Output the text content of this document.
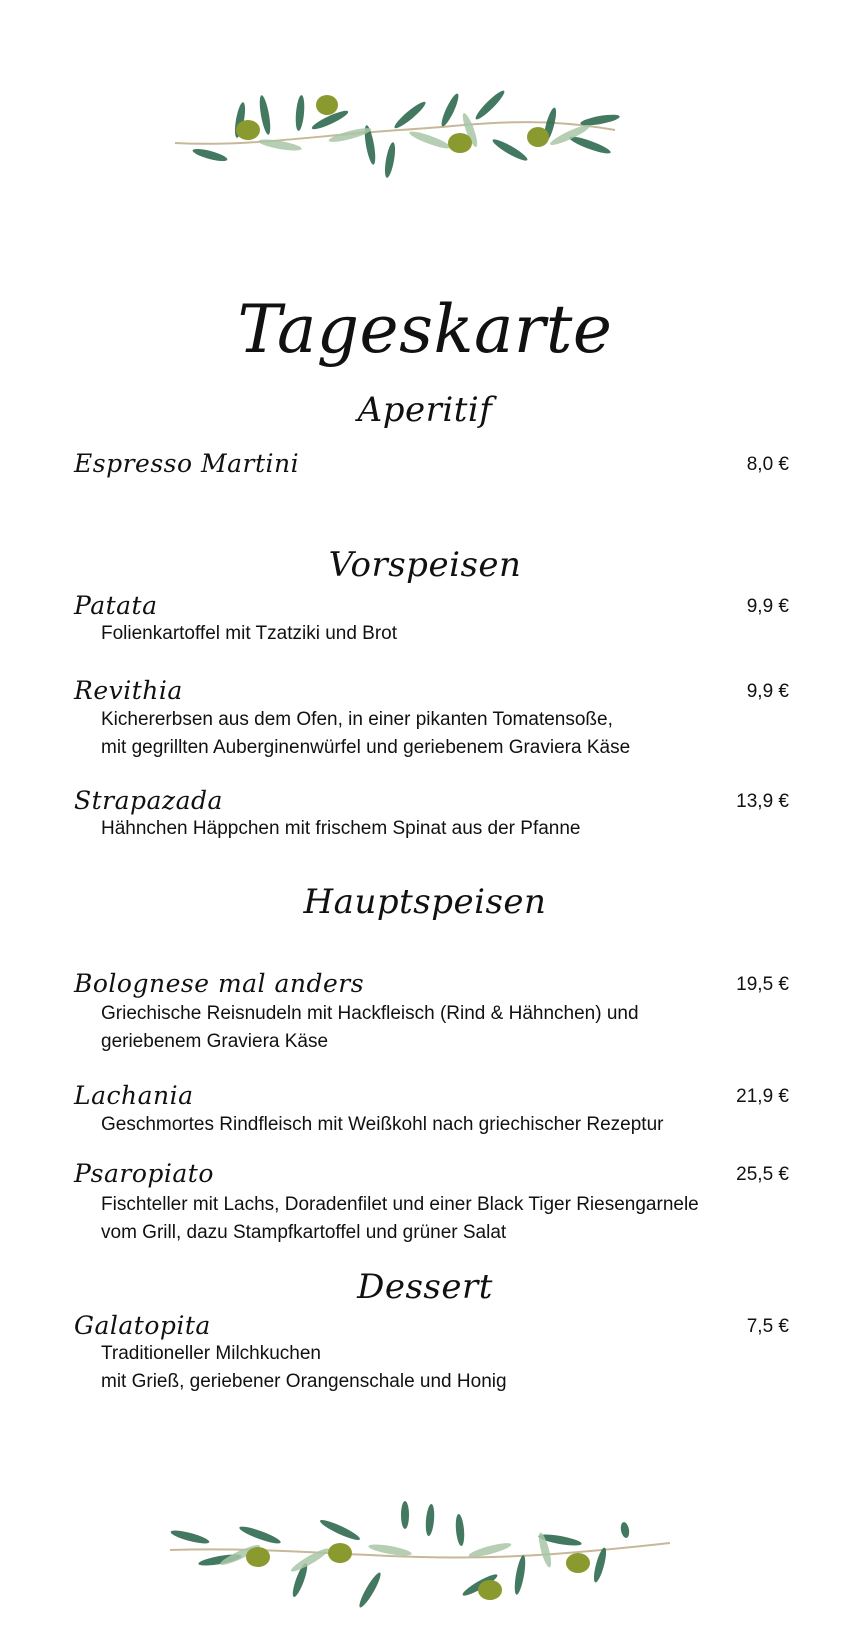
Tageskarte
Aperitif
Espresso Martini	8,0 €
Vorspeisen
Patata	9,9 €
Folienkartoffel mit Tzatziki und Brot
Revithia	9,9 €
Kichererbsen aus dem Ofen, in einer pikanten Tomatensoße,
mit gegrillten Auberginenwürfel und geriebenem Graviera Käse
Strapazada	13,9 €
Hähnchen Häppchen mit frischem Spinat aus der Pfanne
Hauptspeisen
Bolognese mal anders	19,5 €
Griechische Reisnudeln mit Hackfleisch (Rind & Hähnchen) und
geriebenem Graviera Käse
Lachania	21,9 €
Geschmortes Rindfleisch mit Weißkohl nach griechischer Rezeptur
Psaropiato	25,5 €
Fischteller mit Lachs, Doradenfilet und einer Black Tiger Riesengarnele
vom Grill, dazu Stampfkartoffel und grüner Salat
Dessert
Galatopita	7,5 €
Traditioneller Milchkuchen
mit Grieß, geriebener Orangenschale und Honig
